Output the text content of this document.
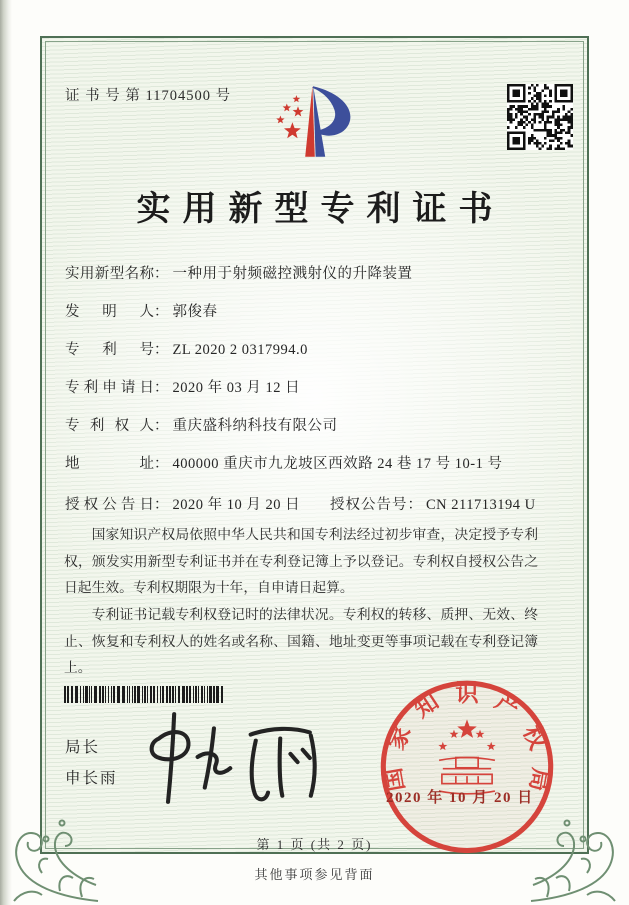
证 书 号 第 11704500 号
实用新型专利证书
实用新型名称： 一种用于射频磁控溅射仪的升降装置
发明人： 郭俊春
专利号： ZL 2020 2 0317994.0
专利申请日： 2020 年 03 月 12 日
专利权人： 重庆盛科纳科技有限公司
地址： 400000 重庆市九龙坡区西效路 24 巷 17 号 10-1 号
授权公告日： 2020 年 10 月 20 日 授权公告号： CN 211713194 U

国家知识产权局依照中华人民共和国专利法经过初步审查，决定授予专利权，颁发实用新型专利证书并在专利登记簿上予以登记。专利权自授权公告之日起生效。专利权期限为十年，自申请日起算。

专利证书记载专利权登记时的法律状况。专利权的转移、质押、无效、终止、恢复和专利权人的姓名或名称、国籍、地址变更等事项记载在专利登记簿上。

局长
申长雨	国
家
知 识 产
权
局
2020 年 10 月 20 日
第 1 页 (共 2 页)
其他事项参见背面
